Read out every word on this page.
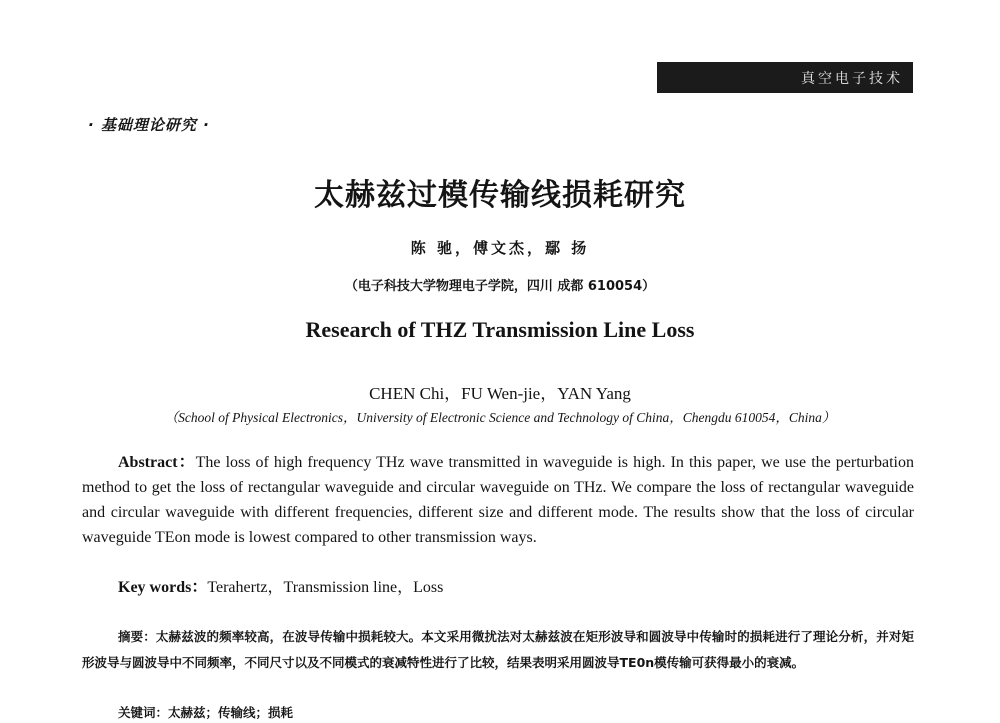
真空电子技术
· 基础理论研究 ·
太赫兹过模传输线损耗研究
陈 驰，傅文杰，鄢 扬
（电子科技大学物理电子学院，四川 成都 610054）
Research of THZ Transmission Line Loss
CHEN Chi，FU Wen-jie，YAN Yang
（School of Physical Electronics，University of Electronic Science and Technology of China，Chengdu 610054，China）

Abstract：The loss of high frequency THz wave transmitted in waveguide is high. In this paper, we use the perturbation method to get the loss of rectangular waveguide and circular waveguide on THz. We compare the loss of rectangular waveguide and circular waveguide with different frequencies, different size and different mode. The results show that the loss of circular waveguide TEon mode is lowest compared to other transmission ways.

Key words：Terahertz，Transmission line，Loss

摘要：太赫兹波的频率较高，在波导传输中损耗较大。本文采用微扰法对太赫兹波在矩形波导和圆波导中传输时的损耗进行了理论分析，并对矩形波导与圆波导中不同频率，不同尺寸以及不同模式的衰减特性进行了比较，结果表明采用圆波导TE0n模传输可获得最小的衰减。

关键词：太赫兹；传输线；损耗
